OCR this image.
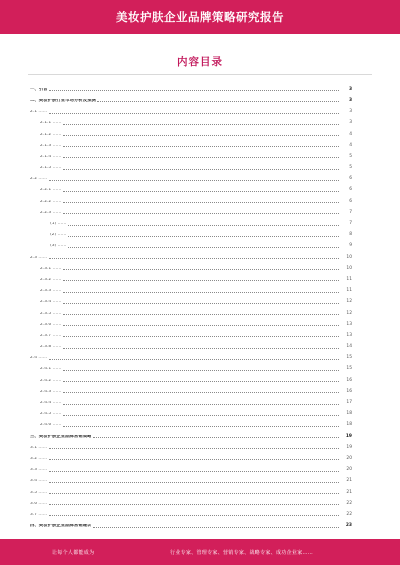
美妆护肤企业品牌策略研究报告
内容目录
一、引言	3
二、美妆护肤行业市场分析及预测	3
2.1 ……	3
2.1.1 ……	3
2.1.2 ……	4
2.1.3 ……	4
2.1.4 ……	5
2.1.5 ……	5
2.2 ……	6
2.2.1 ……	6
2.2.2 ……	6
2.2.3 ……	7
(1) ……	7
(2) ……	8
(3) ……	9
2.3 ……	10
2.3.1 ……	10
2.3.2 ……	11
2.3.3 ……	11
2.3.4 ……	12
2.3.5 ……	12
2.3.6 ……	13
2.3.7 ……	13
2.3.8 ……	14
2.4 ……	15
2.4.1 ……	15
2.4.2 ……	16
2.4.3 ……	16
2.4.4 ……	17
2.4.5 ……	18
2.4.6 ……	18
三、美妆护肤企业品牌营销策略	19
3.1 ……	19
3.2 ……	20
3.3 ……	20
3.4 ……	21
3.5 ……	21
3.6 ……	22
3.7 ……	22
四、美妆护肤企业品牌营销建议	23
让每个人都能成为	行业专家、管理专家、营销专家、战略专家、成功企业家……
